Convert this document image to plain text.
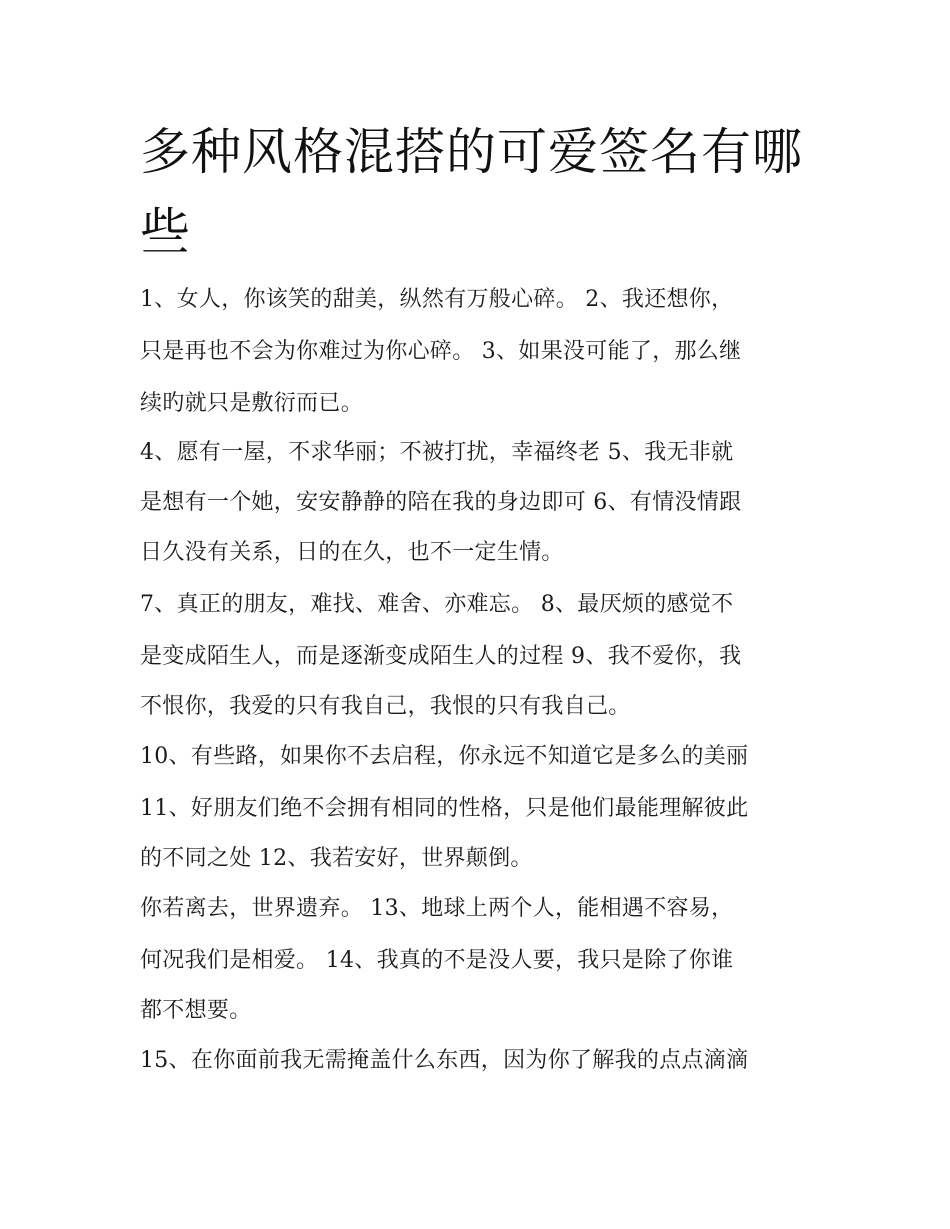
多种风格混搭的可爱签名有哪
些

1、女人，你该笑的甜美，纵然有万般心碎。 2、我还想你，

只是再也不会为你难过为你心碎。 3、如果没可能了，那么继

续旳就只是敷衍而已。

4、愿有一屋，不求华丽；不被打扰，幸福终老 5、我无非就

是想有一个她，安安静静的陪在我的身边即可 6、有情没情跟

日久没有关系，日的在久，也不一定生情。

7、真正的朋友，难找、难舍、亦难忘。 8、最厌烦的感觉不

是变成陌生人，而是逐渐变成陌生人的过程 9、我不爱你，我

不恨你，我爱的只有我自己，我恨的只有我自己。

10、有些路，如果你不去启程，你永远不知道它是多么的美丽

11、好朋友们绝不会拥有相同的性格，只是他们最能理解彼此

的不同之处 12、我若安好，世界颠倒。

你若离去，世界遗弃。 13、地球上两个人，能相遇不容易，

何况我们是相爱。 14、我真的不是没人要，我只是除了你谁

都不想要。

15、在你面前我无需掩盖什么东西，因为你了解我的点点滴滴
